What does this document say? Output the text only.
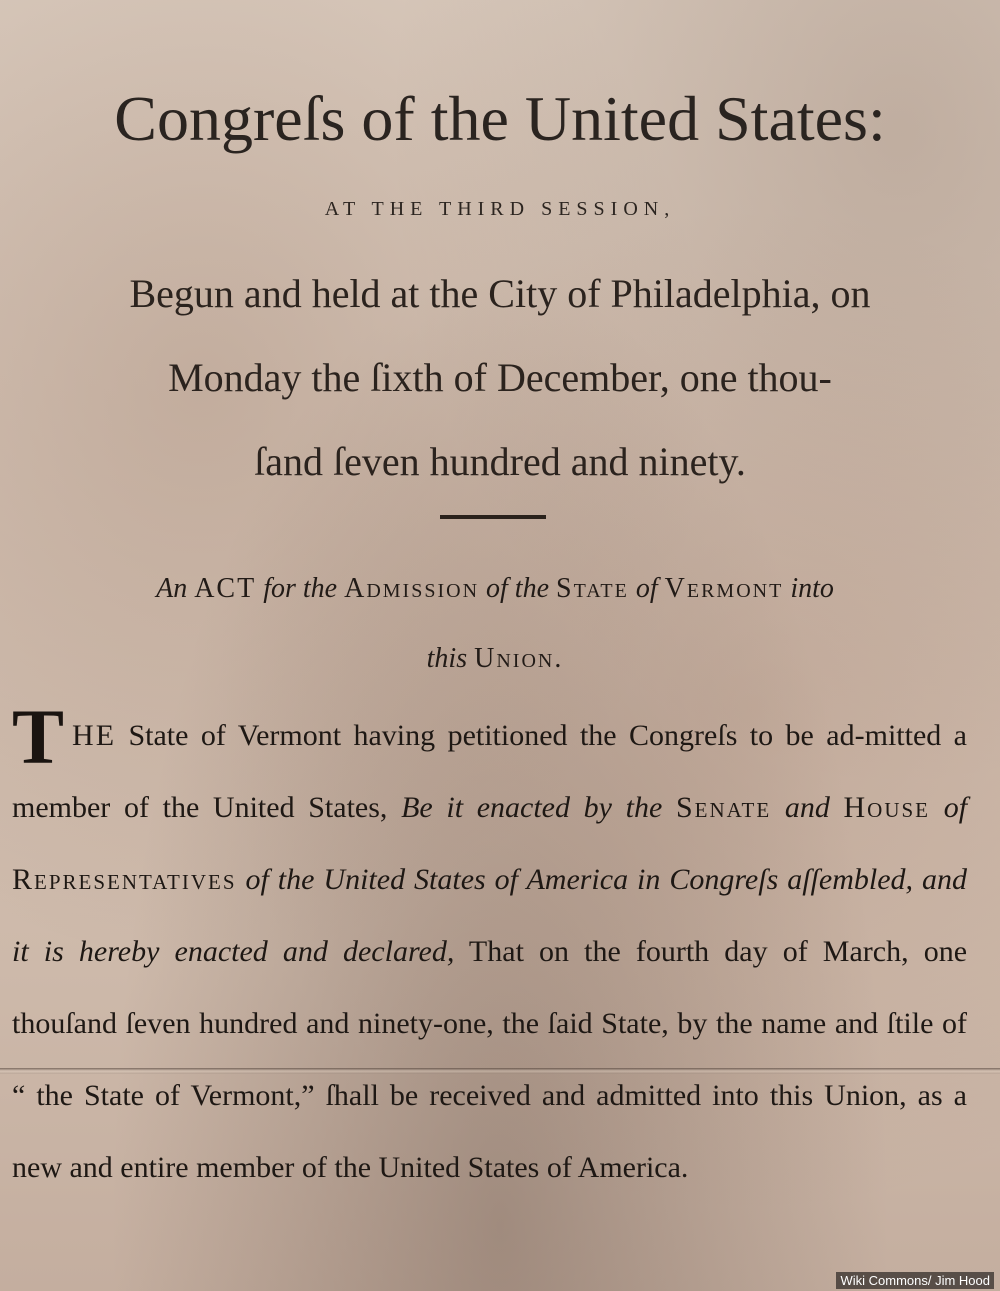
Congreſs of the United States:
AT THE THIRD SESSION,
Begun and held at the City of Philadelphia, on
Monday the ſixth of December, one thou-
ſand ſeven hundred and ninety.
An ACT for the Admission of the State of Vermont into
this Union.
T HE State of Vermont having petitioned the Congreſs to be ad-mitted a member of the United States, Be it enacted by the Senate and House of Representatives of the United States of America in Congreſs aſſembled, and it is hereby enacted and declared, That on the fourth day of March, one thouſand ſeven hundred and ninety-one, the ſaid State, by the name and ſtile of “ the State of Vermont,” ſhall be received and admitted into this Union, as a new and entire member of the United States of America.
Wiki Commons/ Jim Hood
